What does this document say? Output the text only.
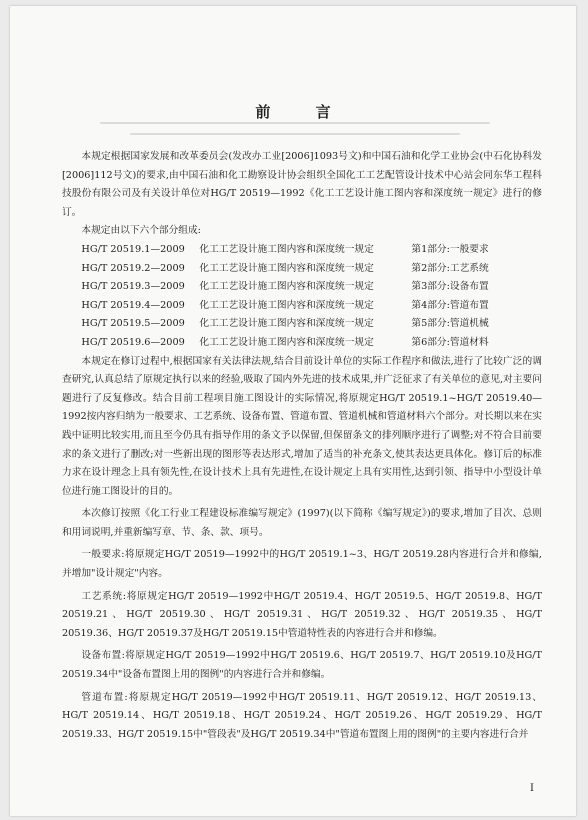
前 言

本规定根据国家发展和改革委员会(发改办工业[2006]1093号文)和中国石油和化学工业协会(中石化协科发[2006]112号文)的要求,由中国石油和化工勘察设计协会组织全国化工工艺配管设计技术中心站会同东华工程科技股份有限公司及有关设计单位对HG/T 20519—1992《化工工艺设计施工图内容和深度统一规定》进行的修订。

本规定由以下六个部分组成:

HG/T 20519.1—2009	化工工艺设计施工图内容和深度统一规定	第1部分:一般要求
HG/T 20519.2—2009	化工工艺设计施工图内容和深度统一规定	第2部分:工艺系统
HG/T 20519.3—2009	化工工艺设计施工图内容和深度统一规定	第3部分:设备布置
HG/T 20519.4—2009	化工工艺设计施工图内容和深度统一规定	第4部分:管道布置
HG/T 20519.5—2009	化工工艺设计施工图内容和深度统一规定	第5部分:管道机械
HG/T 20519.6—2009	化工工艺设计施工图内容和深度统一规定	第6部分:管道材料

本规定在修订过程中,根据国家有关法律法规,结合目前设计单位的实际工作程序和做法,进行了比较广泛的调查研究,认真总结了原规定执行以来的经验,吸取了国内外先进的技术成果,并广泛征求了有关单位的意见,对主要问题进行了反复修改。结合目前工程项目施工图设计的实际情况,将原规定HG/T 20519.1~HG/T 20519.40—1992按内容归纳为一般要求、工艺系统、设备布置、管道布置、管道机械和管道材料六个部分。对长期以来在实践中证明比较实用,而且至今仍具有指导作用的条文予以保留,但保留条文的排列顺序进行了调整;对不符合目前要求的条文进行了删改;对一些新出现的图形等表达形式,增加了适当的补充条文,使其表达更具体化。修订后的标准力求在设计理念上具有领先性,在设计技术上具有先进性,在设计规定上具有实用性,达到引领、指导中小型设计单位进行施工图设计的目的。

本次修订按照《化工行业工程建设标准编写规定》(1997)(以下简称《编写规定》)的要求,增加了目次、总则和用词说明,并重新编写章、节、条、款、项号。

一般要求:将原规定HG/T 20519—1992中的HG/T 20519.1~3、HG/T 20519.28内容进行合并和修编,并增加"设计规定"内容。

工艺系统:将原规定HG/T 20519—1992中HG/T 20519.4、HG/T 20519.5、HG/T 20519.8、HG/T 20519.21、HG/T 20519.30、HG/T 20519.31、HG/T 20519.32、HG/T 20519.35、HG/T 20519.36、HG/T 20519.37及HG/T 20519.15中管道特性表的内容进行合并和修编。

设备布置:将原规定HG/T 20519—1992中HG/T 20519.6、HG/T 20519.7、HG/T 20519.10及HG/T 20519.34中"设备布置图上用的图例"的内容进行合并和修编。

管道布置:将原规定HG/T 20519—1992中HG/T 20519.11、HG/T 20519.12、HG/T 20519.13、HG/T 20519.14、HG/T 20519.18、HG/T 20519.24、HG/T 20519.26、HG/T 20519.29、HG/T 20519.33、HG/T 20519.15中"管段表"及HG/T 20519.34中"管道布置图上用的图例"的主要内容进行合并

I
